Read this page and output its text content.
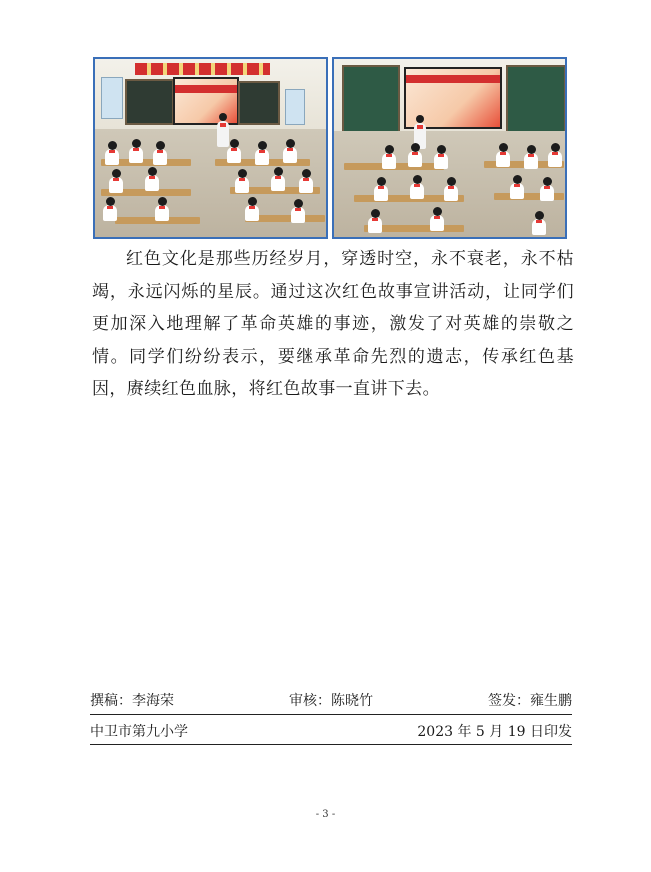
红色文化是那些历经岁月，穿透时空，永不衰老，永不枯竭，永远闪烁的星辰。通过这次红色故事宣讲活动，让同学们更加深入地理解了革命英雄的事迹，激发了对英雄的崇敬之情。同学们纷纷表示，要继承革命先烈的遗志，传承红色基因，赓续红色血脉，将红色故事一直讲下去。

撰稿：李海荣	审核：陈晓竹	签发：雍生鹏
中卫市第九小学	2023 年 5 月 19 日印发
- 3 -
